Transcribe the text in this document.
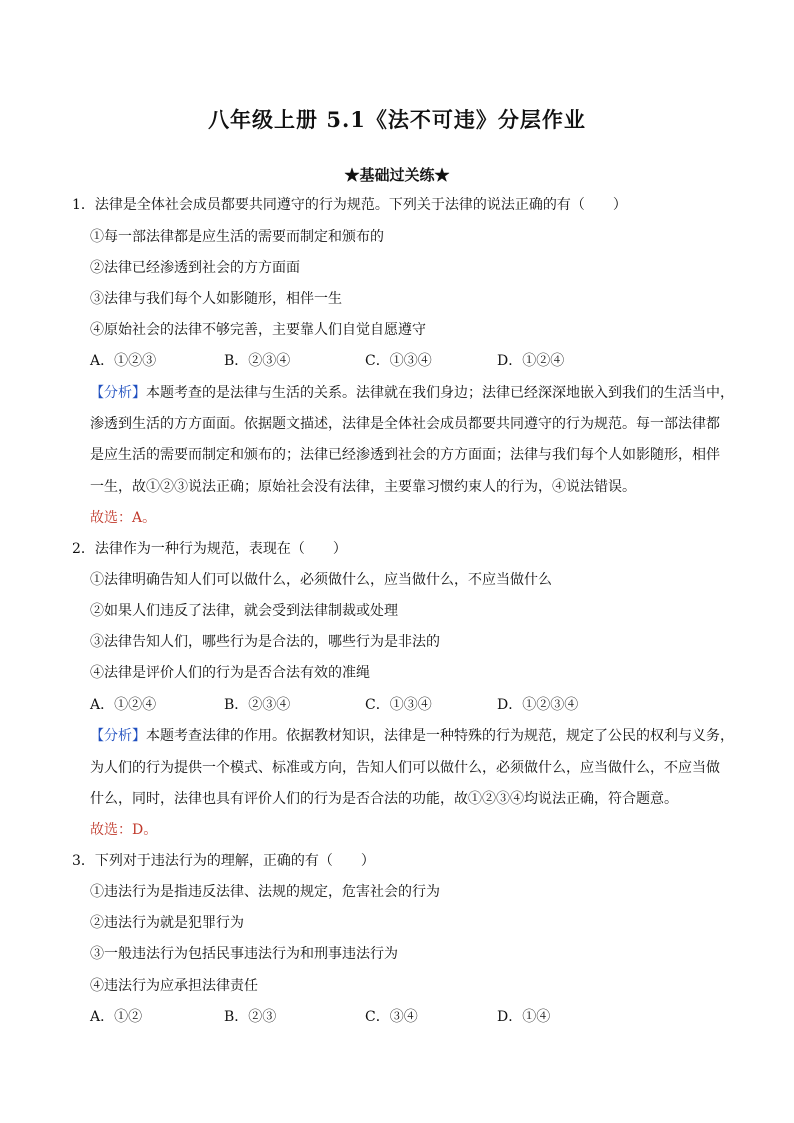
八年级上册 5.1《法不可违》分层作业
★基础过关练★
1．法律是全体社会成员都要共同遵守的行为规范。下列关于法律的说法正确的有（　　）
①每一部法律都是应生活的需要而制定和颁布的
②法律已经渗透到社会的方方面面
③法律与我们每个人如影随形，相伴一生
④原始社会的法律不够完善，主要靠人们自觉自愿遵守
A．①②③	B．②③④	C．①③④	D．①②④
【分析】本题考查的是法律与生活的关系。法律就在我们身边；法律已经深深地嵌入到我们的生活当中，
渗透到生活的方方面面。依据题文描述，法律是全体社会成员都要共同遵守的行为规范。每一部法律都
是应生活的需要而制定和颁布的；法律已经渗透到社会的方方面面；法律与我们每个人如影随形，相伴
一生，故①②③说法正确；原始社会没有法律，主要靠习惯约束人的行为，④说法错误。
故选：A。
2．法律作为一种行为规范，表现在（　　）
①法律明确告知人们可以做什么，必须做什么，应当做什么，不应当做什么
②如果人们违反了法律，就会受到法律制裁或处理
③法律告知人们，哪些行为是合法的，哪些行为是非法的
④法律是评价人们的行为是否合法有效的准绳
A．①②④	B．②③④	C．①③④	D．①②③④
【分析】本题考查法律的作用。依据教材知识，法律是一种特殊的行为规范，规定了公民的权利与义务，
为人们的行为提供一个模式、标准或方向，告知人们可以做什么，必须做什么，应当做什么，不应当做
什么，同时，法律也具有评价人们的行为是否合法的功能，故①②③④均说法正确，符合题意。
故选：D。
3．下列对于违法行为的理解，正确的有（　　）
①违法行为是指违反法律、法规的规定，危害社会的行为
②违法行为就是犯罪行为
③一般违法行为包括民事违法行为和刑事违法行为
④违法行为应承担法律责任
A．①②	B．②③	C．③④	D．①④
